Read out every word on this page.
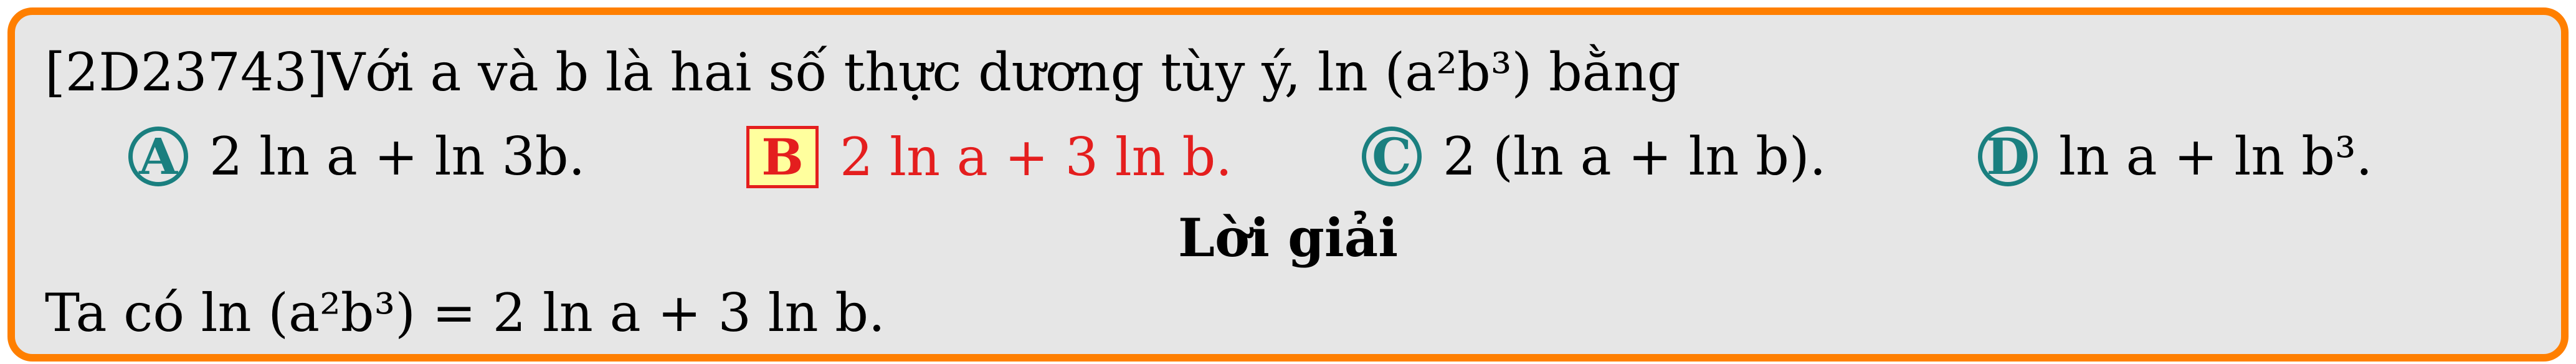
[2D23743]Với a và b là hai số thực dương tùy ý, ln (a²b³) bằng
A 2 ln a + ln 3b.	B 2 ln a + 3 ln b.	C 2 (ln a + ln b).	D ln a + ln b³.
Lời giải
Ta có ln (a²b³) = 2 ln a + 3 ln b.
